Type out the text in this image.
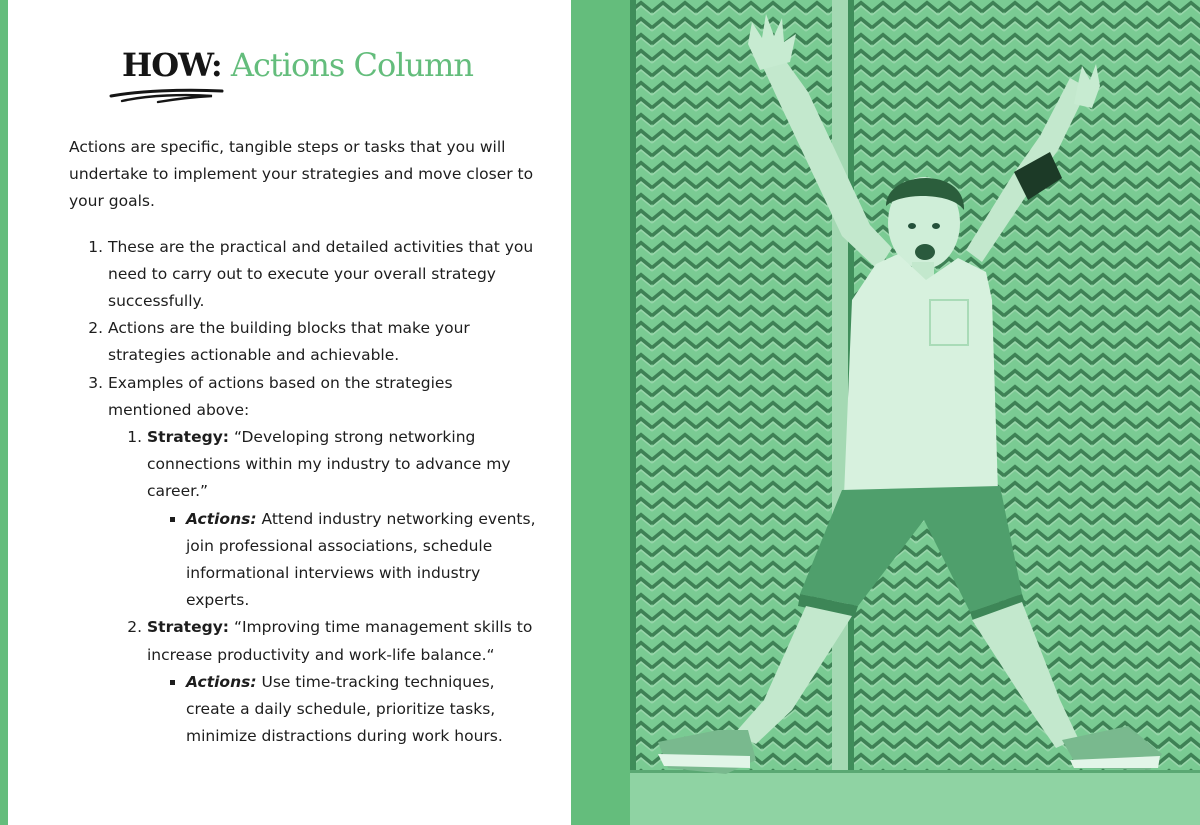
HOW: Actions Column

Actions are specific, tangible steps or tasks that you will undertake to implement your strategies and move closer to your goals.

1. These are the practical and detailed activities that you need to carry out to execute your overall strategy successfully.
2. Actions are the building blocks that make your strategies actionable and achievable.
3. Examples of actions based on the strategies mentioned above:
1. Strategy: “Developing strong networking connections within my industry to advance my career.”
▪ Actions: Attend industry networking events, join professional associations, schedule informational interviews with industry experts.
2. Strategy: “Improving time management skills to increase productivity and work-life balance.“
▪ Actions: Use time-tracking techniques, create a daily schedule, prioritize tasks, minimize distractions during work hours.
